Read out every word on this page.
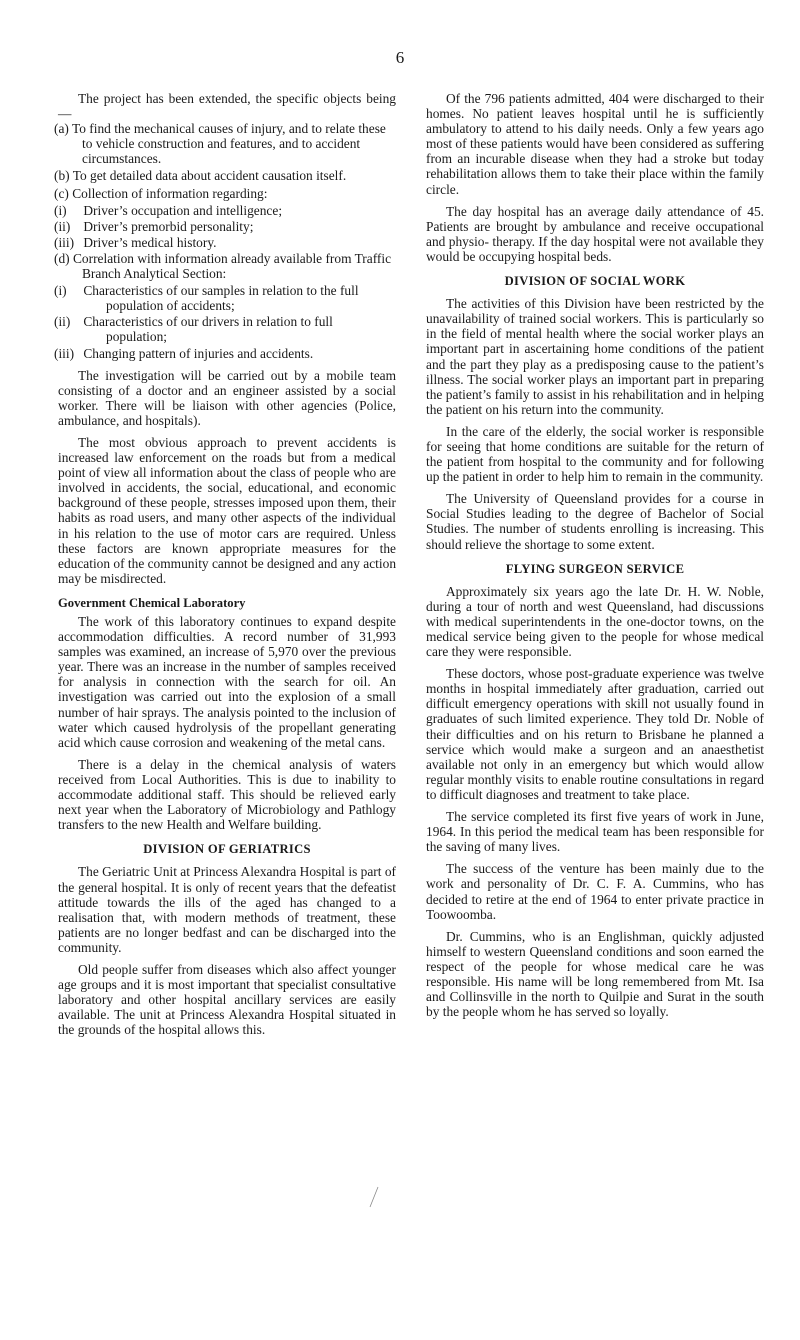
6

The project has been extended, the specific objects being—

(a) To find the mechanical causes of injury, and to relate these to vehicle construction and features, and to accident circumstances.
(b) To get detailed data about accident causation itself.
(c) Collection of information regarding:
(i) Driver’s occupation and intelligence;
(ii) Driver’s premorbid personality;
(iii) Driver’s medical history.
(d) Correlation with information already available from Traffic Branch Analytical Section:
(i) Characteristics of our samples in relation to the full population of accidents;
(ii) Characteristics of our drivers in relation to full population;
(iii) Changing pattern of injuries and accidents.

The investigation will be carried out by a mobile team consisting of a doctor and an engineer assisted by a social worker. There will be liaison with other agencies (Police, ambulance, and hospitals).

The most obvious approach to prevent accidents is increased law enforcement on the roads but from a medical point of view all information about the class of people who are involved in accidents, the social, educational, and economic background of these people, stresses imposed upon them, their habits as road users, and many other aspects of the individual in his relation to the use of motor cars are required. Unless these factors are known appropriate measures for the education of the community cannot be designed and any action may be misdirected.

Government Chemical Laboratory

The work of this laboratory continues to expand despite accommodation difficulties. A record number of 31,993 samples was examined, an increase of 5,970 over the previous year. There was an increase in the number of samples received for analysis in connection with the search for oil. An investigation was carried out into the explosion of a small number of hair sprays. The analysis pointed to the inclusion of water which caused hydrolysis of the propellant generating acid which cause corrosion and weakening of the metal cans.

There is a delay in the chemical analysis of waters received from Local Authorities. This is due to inability to accommodate additional staff. This should be relieved early next year when the Laboratory of Microbiology and Pathlogy transfers to the new Health and Welfare building.

DIVISION OF GERIATRICS

The Geriatric Unit at Princess Alexandra Hospital is part of the general hospital. It is only of recent years that the defeatist attitude towards the ills of the aged has changed to a realisation that, with modern methods of treatment, these patients are no longer bedfast and can be discharged into the community.

Old people suffer from diseases which also affect younger age groups and it is most important that specialist consultative laboratory and other hospital ancillary services are easily available. The unit at Princess Alexandra Hospital situated in the grounds of the hospital allows this.

Of the 796 patients admitted, 404 were discharged to their homes. No patient leaves hospital until he is sufficiently ambulatory to attend to his daily needs. Only a few years ago most of these patients would have been considered as suffering from an incurable disease when they had a stroke but today rehabilitation allows them to take their place within the family circle.

The day hospital has an average daily attendance of 45. Patients are brought by ambulance and receive occupational and physio- therapy. If the day hospital were not available they would be occupying hospital beds.

DIVISION OF SOCIAL WORK

The activities of this Division have been restricted by the unavailability of trained social workers. This is particularly so in the field of mental health where the social worker plays an important part in ascertaining home conditions of the patient and the part they play as a predisposing cause to the patient’s illness. The social worker plays an important part in preparing the patient’s family to assist in his rehabilitation and in helping the patient on his return into the community.

In the care of the elderly, the social worker is responsible for seeing that home conditions are suitable for the return of the patient from hospital to the community and for following up the patient in order to help him to remain in the community.

The University of Queensland provides for a course in Social Studies leading to the degree of Bachelor of Social Studies. The number of students enrolling is increasing. This should relieve the shortage to some extent.

FLYING SURGEON SERVICE

Approximately six years ago the late Dr. H. W. Noble, during a tour of north and west Queensland, had discussions with medical superintendents in the one-doctor towns, on the medical service being given to the people for whose medical care they were responsible.

These doctors, whose post-graduate experience was twelve months in hospital immediately after graduation, carried out difficult emergency operations with skill not usually found in graduates of such limited experience. They told Dr. Noble of their difficulties and on his return to Brisbane he planned a service which would make a surgeon and an anaesthetist available not only in an emergency but which would allow regular monthly visits to enable routine consultations in regard to difficult diagnoses and treatment to take place.

The service completed its first five years of work in June, 1964. In this period the medical team has been responsible for the saving of many lives.

The success of the venture has been mainly due to the work and personality of Dr. C. F. A. Cummins, who has decided to retire at the end of 1964 to enter private practice in Toowoomba.

Dr. Cummins, who is an Englishman, quickly adjusted himself to western Queensland conditions and soon earned the respect of the people for whose medical care he was responsible. His name will be long remembered from Mt. Isa and Collinsville in the north to Quilpie and Surat in the south by the people whom he has served so loyally.
